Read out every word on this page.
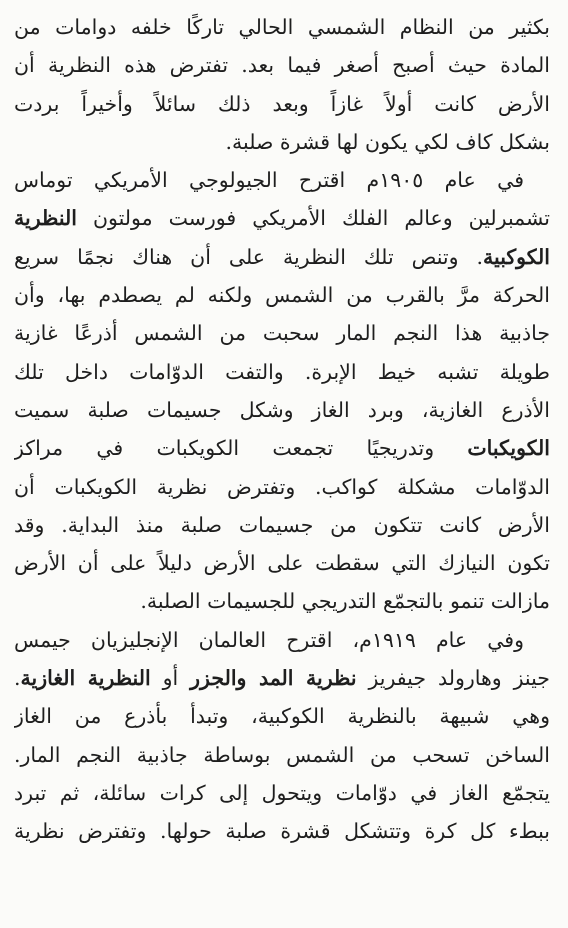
بكثير من النظام الشمسي الحالي تاركًا خلفه دوامات من
المادة حيث أصبح أصغر فيما بعد. تفترض هذه النظرية أن
الأرض كانت أولاً غازاً وبعد ذلك سائلاً وأخيراً بردت
بشكل كاف لكي يكون لها قشرة صلبة.
في عام ١٩٠٥م اقترح الجيولوجي الأمريكي توماس
تشمبرلين وعالم الفلك الأمريكي فورست مولتون النظرية
الكوكبية. وتنص تلك النظرية على أن هناك نجمًا سريع
الحركة مرَّ بالقرب من الشمس ولكنه لم يصطدم بها، وأن
جاذبية هذا النجم المار سحبت من الشمس أذرعًا غازية
طويلة تشبه خيط الإبرة. والتفت الدوّامات داخل تلك
الأذرع الغازية، وبرد الغاز وشكل جسيمات صلبة سميت
الكويكبات وتدريجيًا تجمعت الكويكبات في مراكز
الدوّامات مشكلة كواكب. وتفترض نظرية الكويكبات أن
الأرض كانت تتكون من جسيمات صلبة منذ البداية. وقد
تكون النيازك التي سقطت على الأرض دليلاً على أن الأرض
مازالت تنمو بالتجمّع التدريجي للجسيمات الصلبة.
وفي عام ١٩١٩م، اقترح العالمان الإنجليزيان جيمس
جينز وهارولد جيفريز نظرية المد والجزر أو النظرية الغازية.
وهي شبيهة بالنظرية الكوكبية، وتبدأ بأذرع من الغاز
الساخن تسحب من الشمس بوساطة جاذبية النجم المار.
يتجمّع الغاز في دوّامات ويتحول إلى كرات سائلة، ثم تبرد
ببطء كل كرة وتتشكل قشرة صلبة حولها. وتفترض نظرية
